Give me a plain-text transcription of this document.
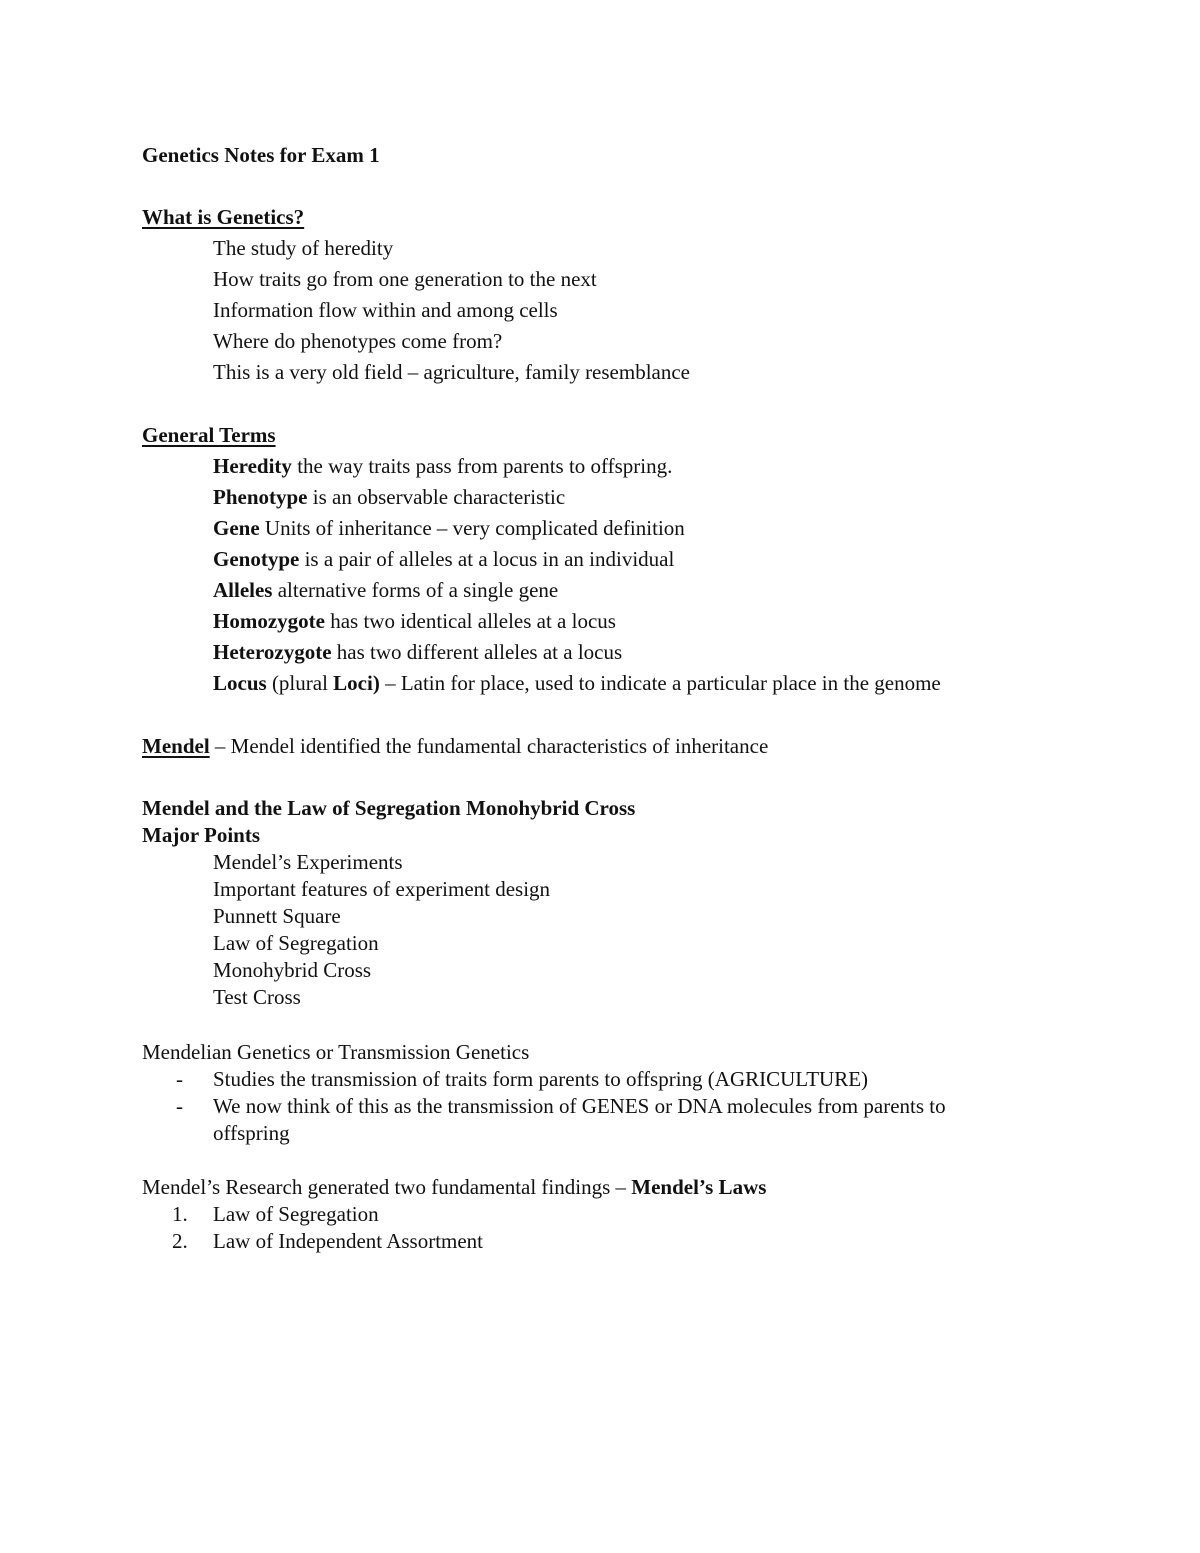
Genetics Notes for Exam 1
What is Genetics?
The study of heredity
How traits go from one generation to the next
Information flow within and among cells
Where do phenotypes come from?
This is a very old field – agriculture, family resemblance
General Terms
Heredity the way traits pass from parents to offspring.
Phenotype is an observable characteristic
Gene Units of inheritance – very complicated definition
Genotype is a pair of alleles at a locus in an individual
Alleles alternative forms of a single gene
Homozygote has two identical alleles at a locus
Heterozygote has two different alleles at a locus
Locus (plural Loci) – Latin for place, used to indicate a particular place in the genome
Mendel – Mendel identified the fundamental characteristics of inheritance
Mendel and the Law of Segregation Monohybrid Cross
Major Points
Mendel’s Experiments
Important features of experiment design
Punnett Square
Law of Segregation
Monohybrid Cross
Test Cross
Mendelian Genetics or Transmission Genetics
- Studies the transmission of traits form parents to offspring (AGRICULTURE)
- We now think of this as the transmission of GENES or DNA molecules from parents to
offspring
Mendel’s Research generated two fundamental findings – Mendel’s Laws
1. Law of Segregation
2. Law of Independent Assortment
